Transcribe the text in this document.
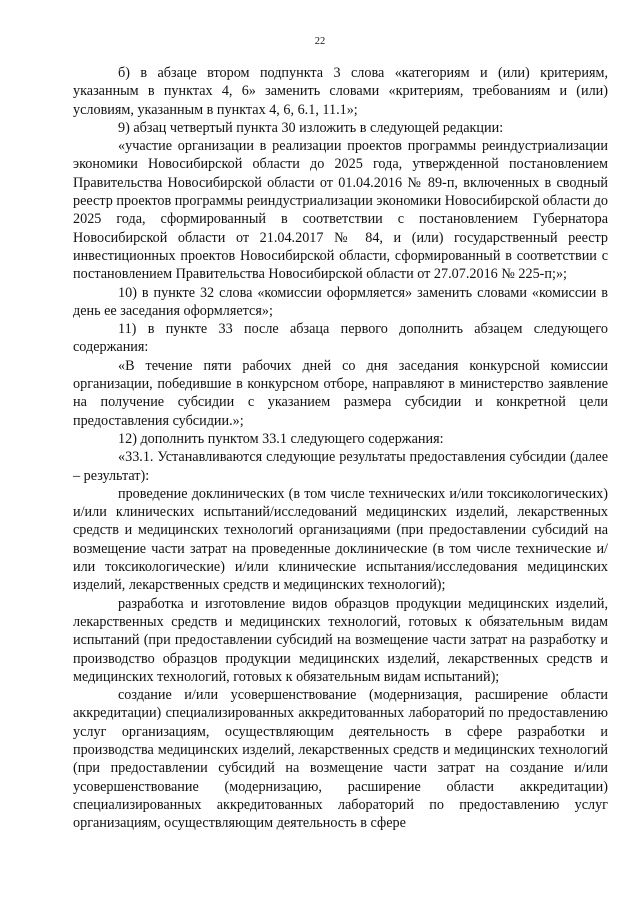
22

б) в абзаце втором подпункта 3 слова «категориям и (или) критериям, указанным в пунктах 4, 6» заменить словами «критериям, требованиям и (или) условиям, указанным в пунктах 4, 6, 6.1, 11.1»;

9) абзац четвертый пункта 30 изложить в следующей редакции:

«участие организации в реализации проектов программы реиндустриализации экономики Новосибирской области до 2025 года, утвержденной постановлением Правительства Новосибирской области от 01.04.2016 № 89-п, включенных в сводный реестр проектов программы реиндустриализации экономики Новосибирской области до 2025 года, сформированный в соответствии с постановлением Губернатора Новосибирской области от 21.04.2017 № 84, и (или) государственный реестр инвестиционных проектов Новосибирской области, сформированный в соответствии с постановлением Правительства Новосибирской области от 27.07.2016 № 225-п;»;

10) в пункте 32 слова «комиссии оформляется» заменить словами «комиссии в день ее заседания оформляется»;

11) в пункте 33 после абзаца первого дополнить абзацем следующего содержания:

«В течение пяти рабочих дней со дня заседания конкурсной комиссии организации, победившие в конкурсном отборе, направляют в министерство заявление на получение субсидии с указанием размера субсидии и конкретной цели предоставления субсидии.»;

12) дополнить пунктом 33.1 следующего содержания:

«33.1. Устанавливаются следующие результаты предоставления субсидии (далее – результат):

проведение доклинических (в том числе технических и/или токсикологических) и/или клинических испытаний/исследований медицинских изделий, лекарственных средств и медицинских технологий организациями (при предоставлении субсидий на возмещение части затрат на проведенные доклинические (в том числе технические и/или токсикологические) и/или клинические испытания/исследования медицинских изделий, лекарственных средств и медицинских технологий);

разработка и изготовление видов образцов продукции медицинских изделий, лекарственных средств и медицинских технологий, готовых к обязательным видам испытаний (при предоставлении субсидий на возмещение части затрат на разработку и производство образцов продукции медицинских изделий, лекарственных средств и медицинских технологий, готовых к обязательным видам испытаний);

создание и/или усовершенствование (модернизация, расширение области аккредитации) специализированных аккредитованных лабораторий по предоставлению услуг организациям, осуществляющим деятельность в сфере разработки и производства медицинских изделий, лекарственных средств и медицинских технологий (при предоставлении субсидий на возмещение части затрат на создание и/или усовершенствование (модернизацию, расширение области аккредитации) специализированных аккредитованных лабораторий по предоставлению услуг организациям, осуществляющим деятельность в сфере
